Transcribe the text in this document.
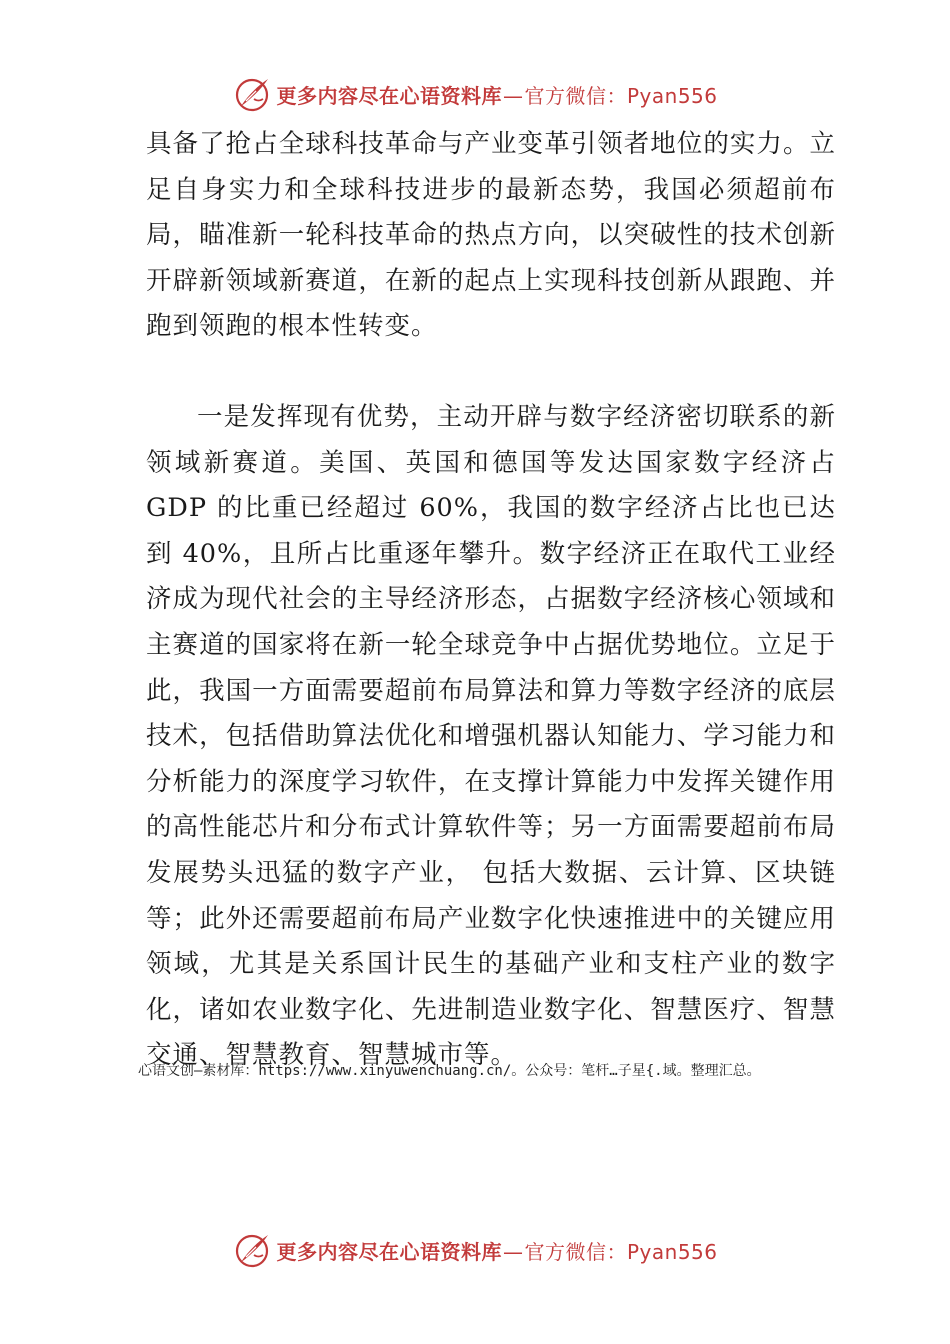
更多内容尽在心语资料库—官方微信：Pyan556

具备了抢占全球科技革命与产业变革引领者地位的实力。立足自身实力和全球科技进步的最新态势，我国必须超前布局，瞄准新一轮科技革命的热点方向，以突破性的技术创新开辟新领域新赛道，在新的起点上实现科技创新从跟跑、并跑到领跑的根本性转变。

一是发挥现有优势，主动开辟与数字经济密切联系的新领域新赛道。美国、英国和德国等发达国家数字经济占GDP 的比重已经超过 60%，我国的数字经济占比也已达到 40%，且所占比重逐年攀升。数字经济正在取代工业经济成为现代社会的主导经济形态，占据数字经济核心领域和主赛道的国家将在新一轮全球竞争中占据优势地位。立足于此，我国一方面需要超前布局算法和算力等数字经济的底层技术，包括借助算法优化和增强机器认知能力、学习能力和分析能力的深度学习软件，在支撑计算能力中发挥关键作用的高性能芯片和分布式计算软件等；另一方面需要超前布局发展势头迅猛的数字产业， 包括大数据、云计算、区块链等；此外还需要超前布局产业数字化快速推进中的关键应用领域，尤其是关系国计民生的基础产业和支柱产业的数字化，诸如农业数字化、先进制造业数字化、智慧医疗、智慧交通、智慧教育、智慧城市等。

心语文创—素材库：https://www.xinyuwenchuang.cn/。公众号：笔杆…子星{.域。整理汇总。
更多内容尽在心语资料库—官方微信：Pyan556
